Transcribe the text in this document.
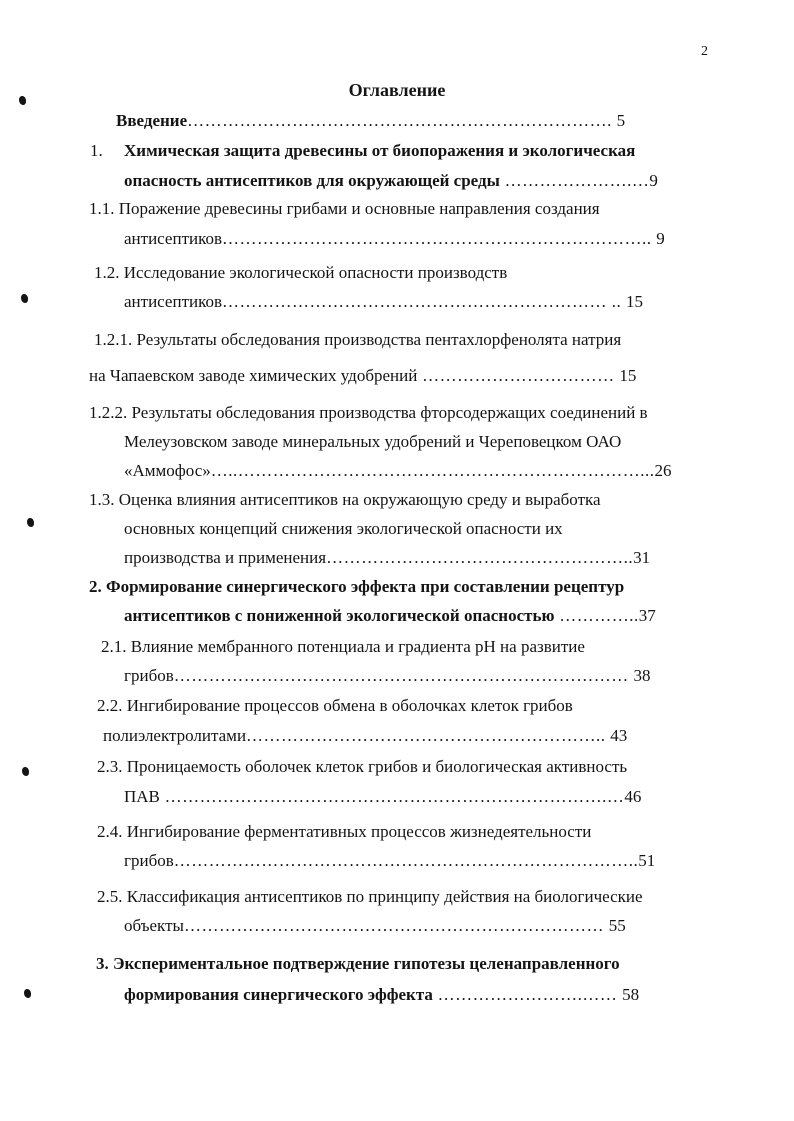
2
Оглавление
Введение………………………………………………………………. 5
1. Химическая защита древесины от биопоражения и экологическая
опасность антисептиков для окружающей среды ………………….…9
1.1. Поражение древесины грибами и основные направления создания
антисептиков……………………………………………………………….. 9
1.2. Исследование экологической опасности производств
антисептиков………………………………………………………… .. 15
1.2.1. Результаты обследования производства пентахлорфенолята натрия
на Чапаевском заводе химических удобрений …………………………… 15
1.2.2. Результаты обследования производства фторсодержащих соединений в
Мелеузовском заводе минеральных удобрений и Череповецком ОАО
«Аммофос»…..……………………………………………………………...26
1.3. Оценка влияния антисептиков на окружающую среду и выработка
основных концепций снижения экологической опасности их
производства и применения……………………………………………..31
2. Формирование синергического эффекта при составлении рецептур
антисептиков с пониженной экологической опасностью …………..37
2.1. Влияние мембранного потенциала и градиента pH на развитие
грибов…………………………………………………………………… 38
2.2. Ингибирование процессов обмена в оболочках клеток грибов
полиэлектролитами…………………………………………………….. 43
2.3. Проницаемость оболочек клеток грибов и биологическая активность
ПАВ ………………………………………………………………….…46
2.4. Ингибирование ферментативных процессов жизнедеятельности
грибов……………………………………………………………………..51
2.5. Классификация антисептиков по принципу действия на биологические
объекты……………………………………………………………… 55
3. Экспериментальное подтверждение гипотезы целенаправленного
формирования синергического эффекта …………………….…… 58
